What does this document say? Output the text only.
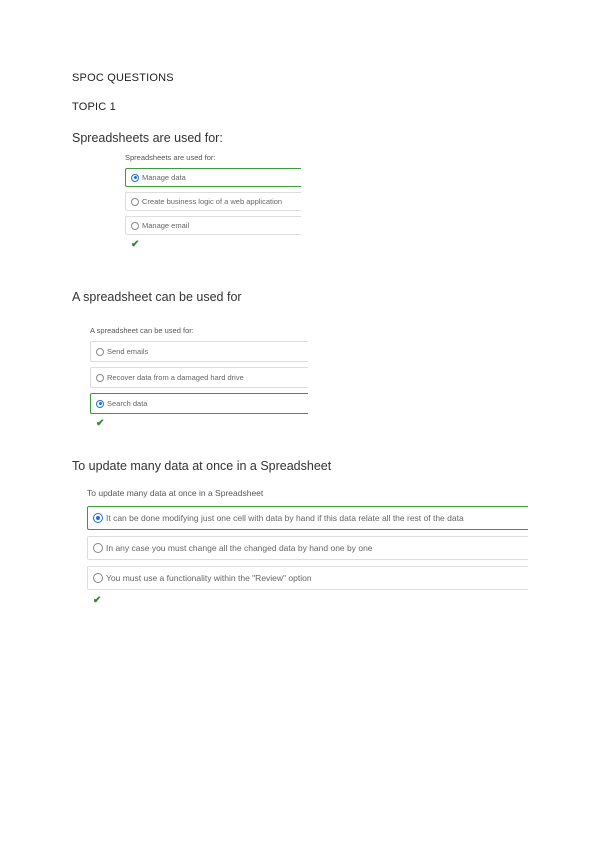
SPOC QUESTIONS
TOPIC 1
Spreadsheets are used for:
Spreadsheets are used for:
Manage data
Create business logic of a web application
Manage email
✔
A spreadsheet can be used for
A spreadsheet can be used for:
Send emails
Recover data from a damaged hard drive
Search data
✔
To update many data at once in a Spreadsheet
To update many data at once in a Spreadsheet
It can be done modifying just one cell with data by hand if this data relate all the rest of the data
In any case you must change all the changed data by hand one by one
You must use a functionality within the "Review" option
✔
